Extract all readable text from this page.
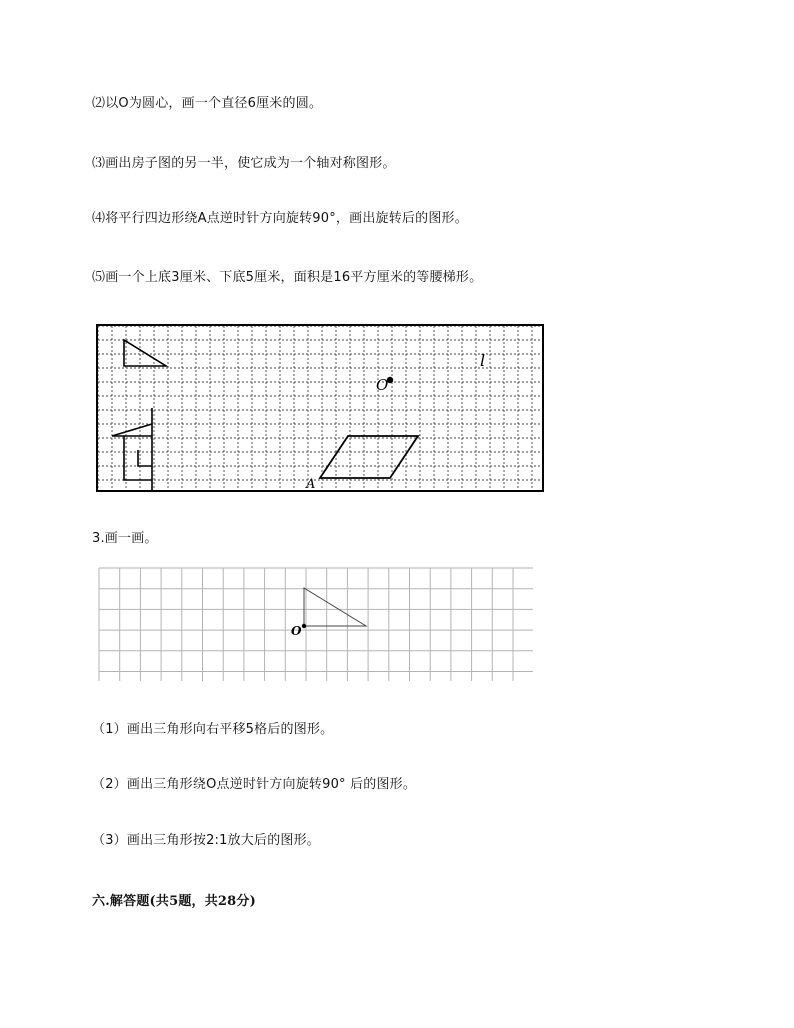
⑵以O为圆心，画一个直径6厘米的圆。
⑶画出房子图的另一半，使它成为一个轴对称图形。
⑷将平行四边形绕A点逆时针方向旋转90°，画出旋转后的图形。
⑸画一个上底3厘米、下底5厘米，面积是16平方厘米的等腰梯形。
O
l
A
3.画一画。
O
（1）画出三角形向右平移5格后的图形。
（2）画出三角形绕O点逆时针方向旋转90° 后的图形。
（3）画出三角形按2:1放大后的图形。
六.解答题(共5题，共28分)
